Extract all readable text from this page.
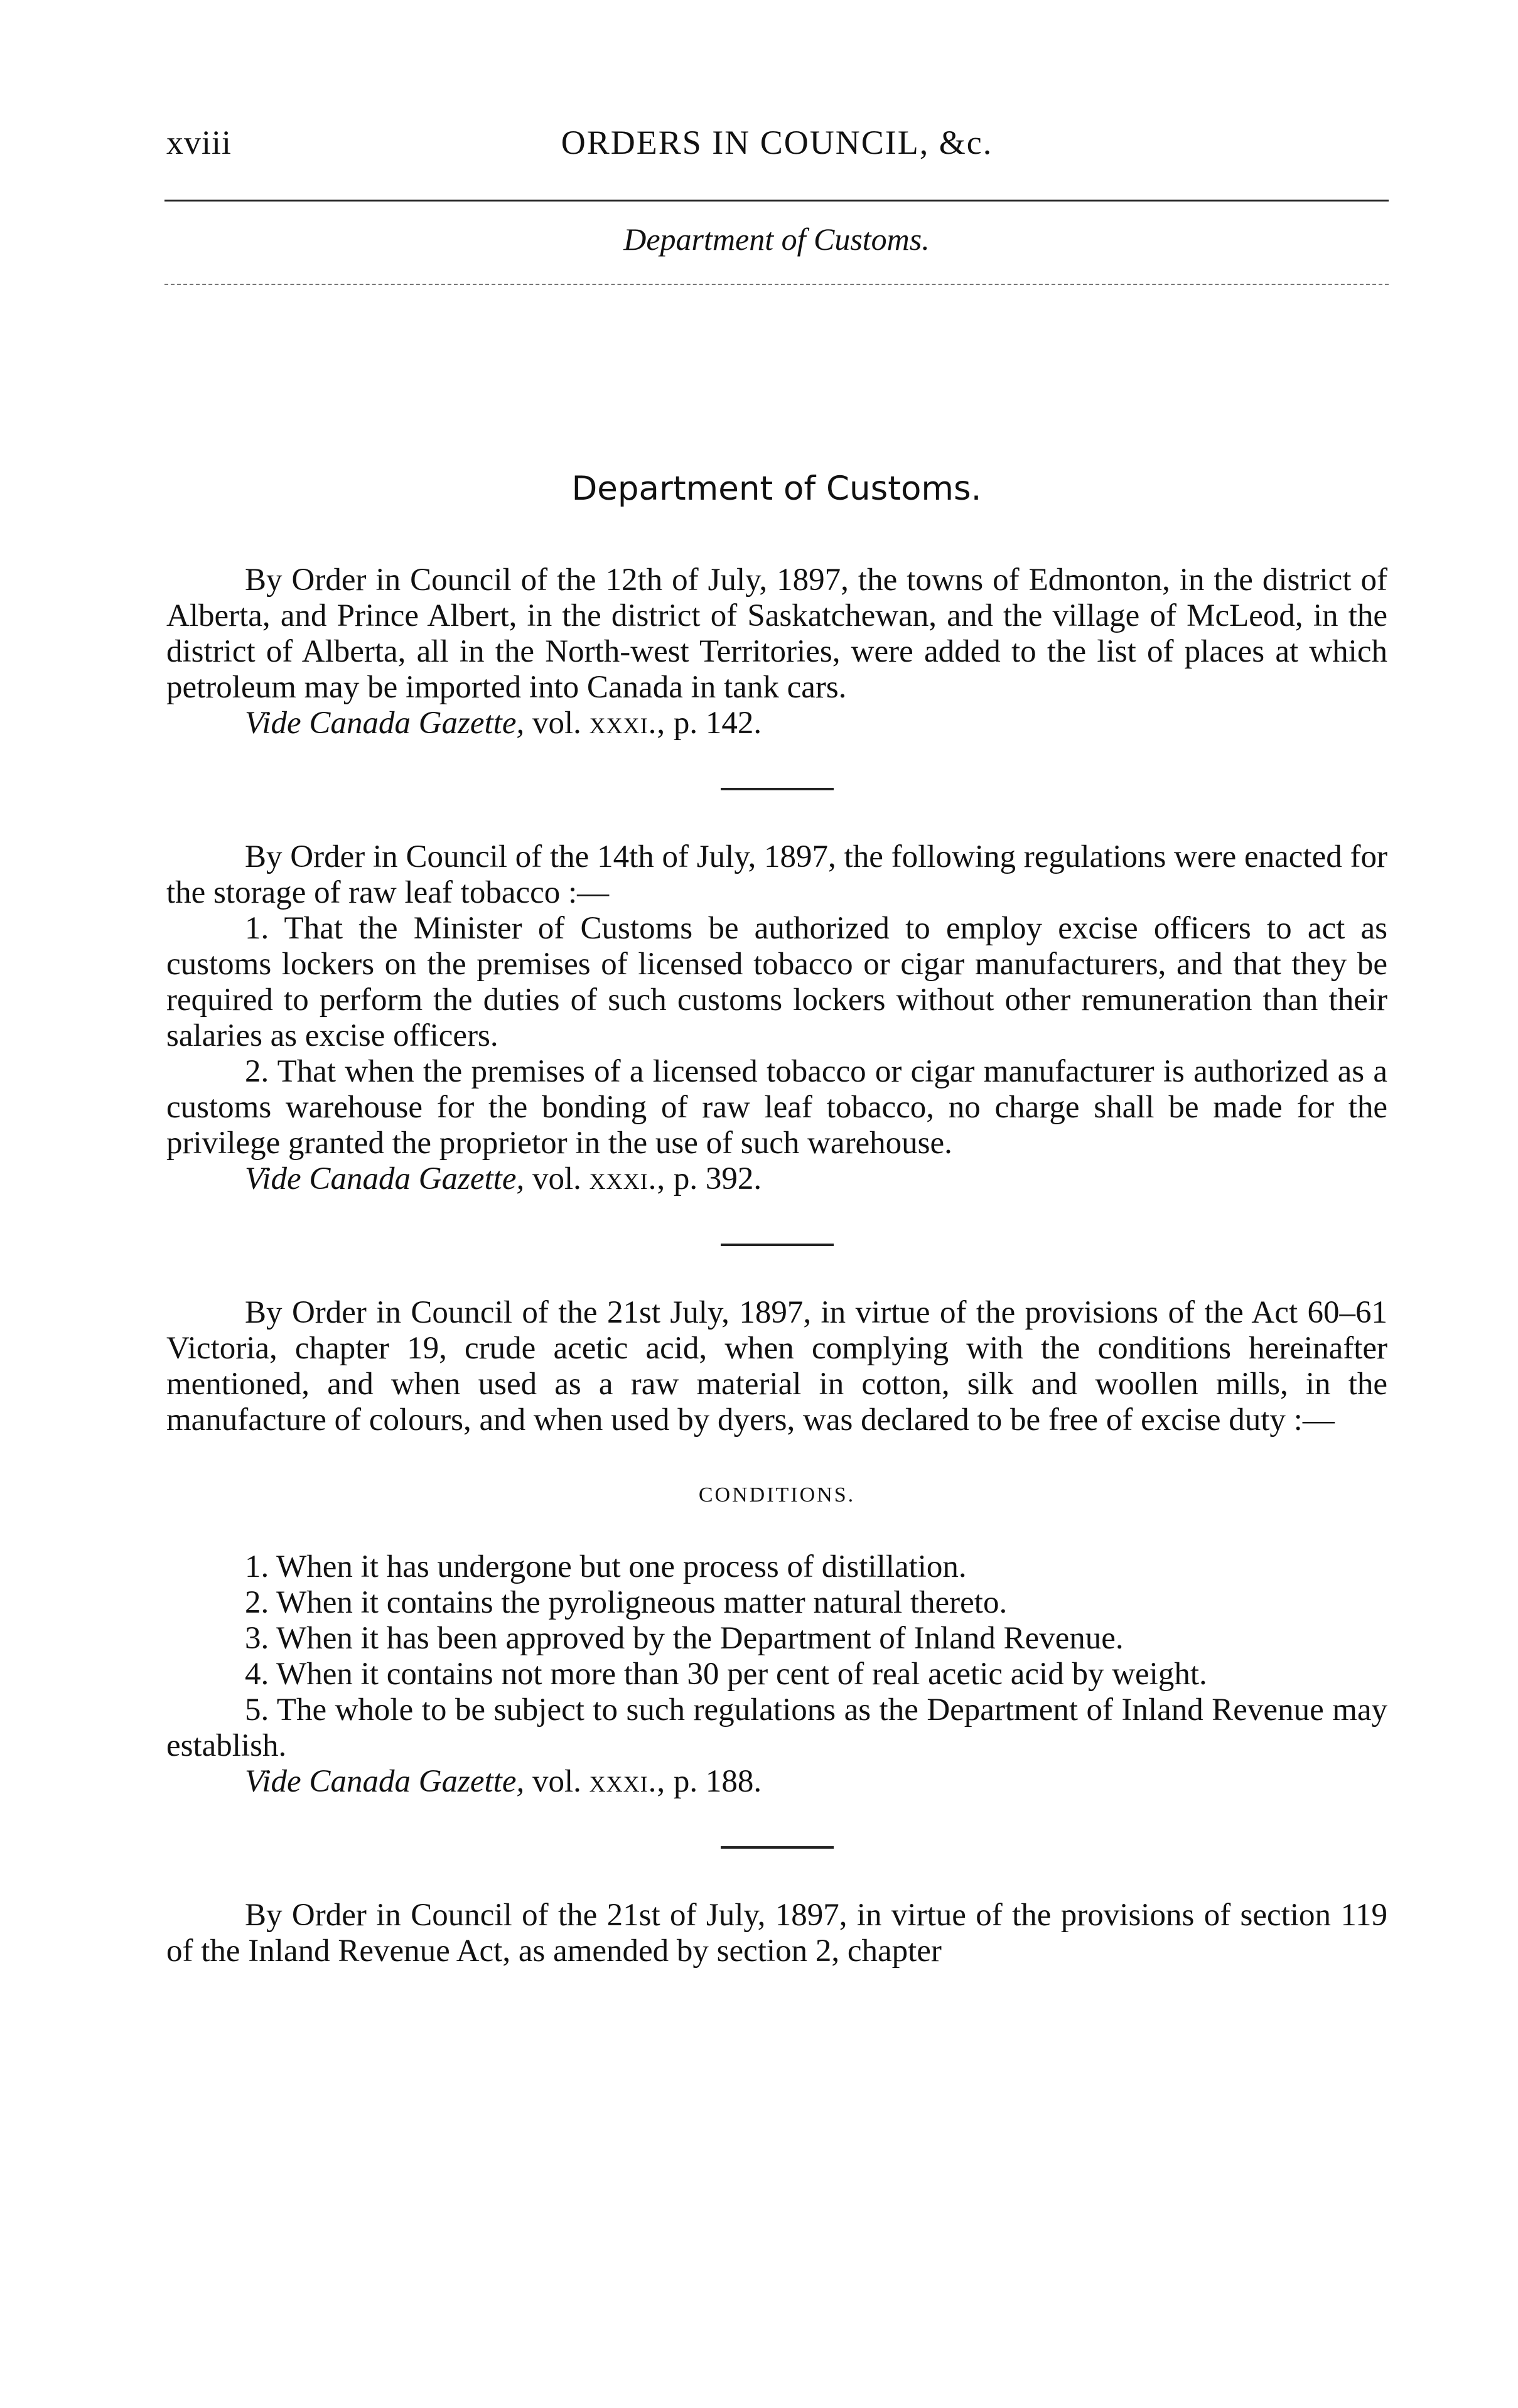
xviii	ORDERS IN COUNCIL, &c.
Department of Customs.
Department of Customs.

By Order in Council of the 12th of July, 1897, the towns of Edmonton, in the district of Alberta, and Prince Albert, in the district of Saskatchewan, and the village of McLeod, in the district of Alberta, all in the North-west Territories, were added to the list of places at which petroleum may be imported into Canada in tank cars.

Vide Canada Gazette, vol. xxxi., p. 142.

By Order in Council of the 14th of July, 1897, the following regulations were enacted for the storage of raw leaf tobacco :—

1. That the Minister of Customs be authorized to employ excise officers to act as customs lockers on the premises of licensed tobacco or cigar manufacturers, and that they be required to perform the duties of such customs lockers without other remuneration than their salaries as excise officers.

2. That when the premises of a licensed tobacco or cigar manufacturer is authorized as a customs warehouse for the bonding of raw leaf tobacco, no charge shall be made for the privilege granted the proprietor in the use of such warehouse.

Vide Canada Gazette, vol. xxxi., p. 392.

By Order in Council of the 21st July, 1897, in virtue of the provisions of the Act 60–61 Victoria, chapter 19, crude acetic acid, when complying with the conditions hereinafter mentioned, and when used as a raw material in cotton, silk and woollen mills, in the manufacture of colours, and when used by dyers, was declared to be free of excise duty :—

CONDITIONS.

1. When it has undergone but one process of distillation.

2. When it contains the pyroligneous matter natural thereto.

3. When it has been approved by the Department of Inland Revenue.

4. When it contains not more than 30 per cent of real acetic acid by weight.

5. The whole to be subject to such regulations as the Department of Inland Revenue may establish.

Vide Canada Gazette, vol. xxxi., p. 188.

By Order in Council of the 21st of July, 1897, in virtue of the provisions of section 119 of the Inland Revenue Act, as amended by section 2, chapter
